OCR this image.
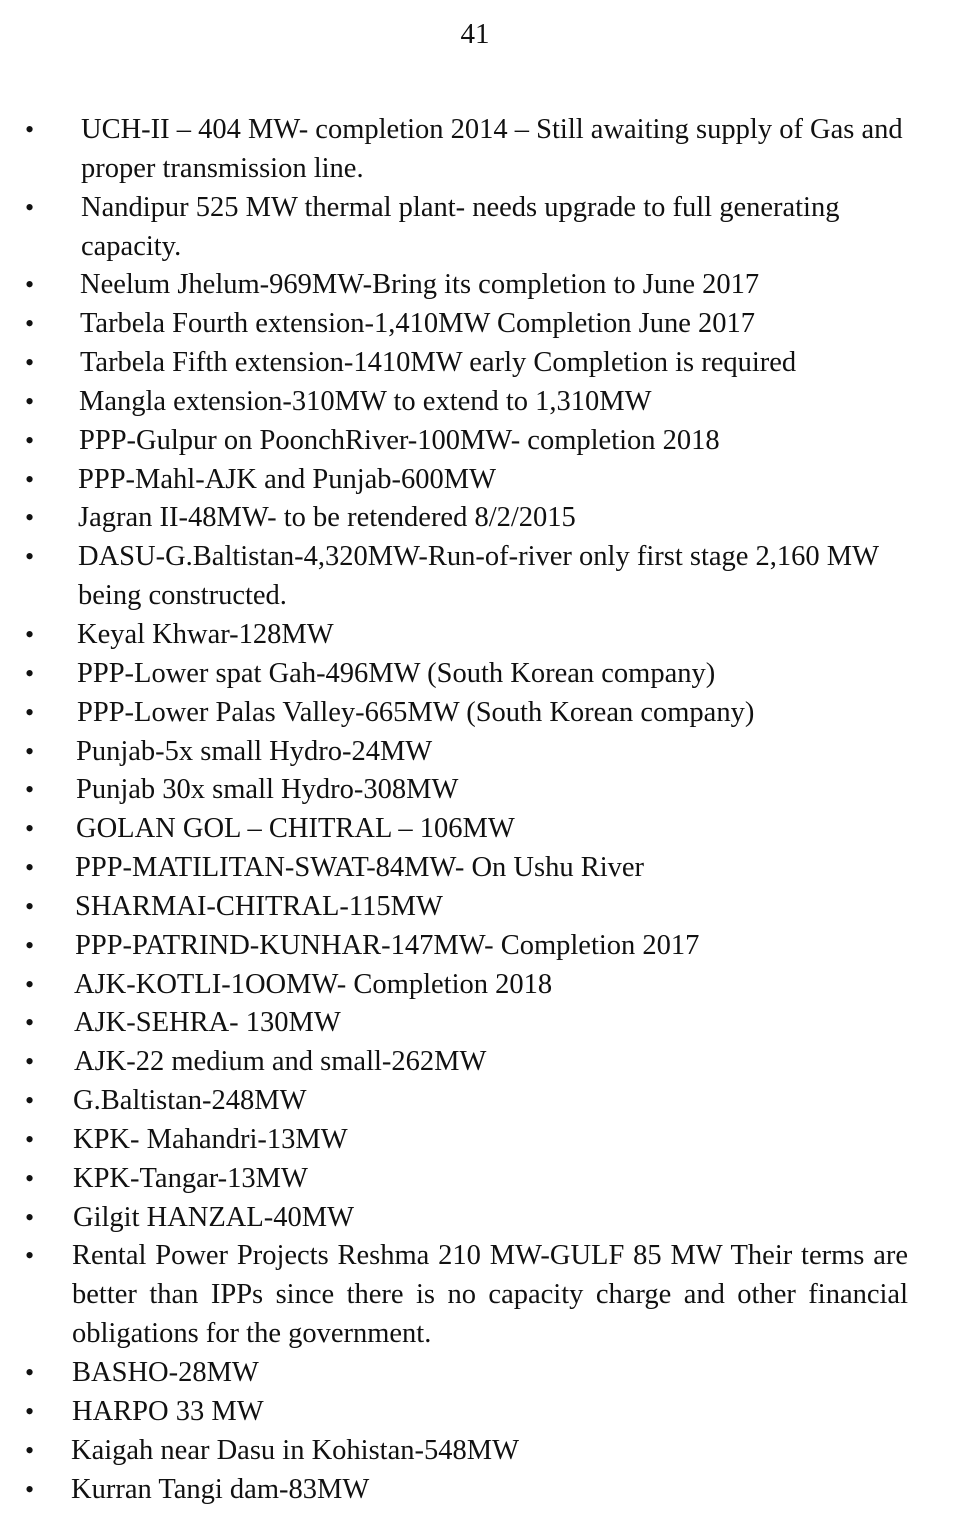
41
• UCH-II – 404 MW- completion 2014 – Still awaiting supply of Gas and proper transmission line.
• Nandipur 525 MW thermal plant- needs upgrade to full generating capacity.
• Neelum Jhelum-969MW-Bring its completion to June 2017
• Tarbela Fourth extension-1,410MW Completion June 2017
• Tarbela Fifth extension-1410MW early Completion is required
• Mangla extension-310MW to extend to 1,310MW
• PPP-Gulpur on PoonchRiver-100MW- completion 2018
• PPP-Mahl-AJK and Punjab-600MW
• Jagran II-48MW- to be retendered 8/2/2015
• DASU-G.Baltistan-4,320MW-Run-of-river only first stage 2,160 MW being constructed.
• Keyal Khwar-128MW
• PPP-Lower spat Gah-496MW (South Korean company)
• PPP-Lower Palas Valley-665MW (South Korean company)
• Punjab-5x small Hydro-24MW
• Punjab 30x small Hydro-308MW
• GOLAN GOL – CHITRAL – 106MW
• PPP-MATILITAN-SWAT-84MW- On Ushu River
• SHARMAI-CHITRAL-115MW
• PPP-PATRIND-KUNHAR-147MW- Completion 2017
• AJK-KOTLI-1OOMW- Completion 2018
• AJK-SEHRA- 130MW
• AJK-22 medium and small-262MW
• G.Baltistan-248MW
• KPK- Mahandri-13MW
• KPK-Tangar-13MW
• Gilgit HANZAL-40MW
• Rental Power Projects Reshma 210 MW-GULF 85 MW Their terms are better than IPPs since there is no capacity charge and other financial obligations for the government.
• BASHO-28MW
• HARPO 33 MW
• Kaigah near Dasu in Kohistan-548MW
• Kurran Tangi dam-83MW
